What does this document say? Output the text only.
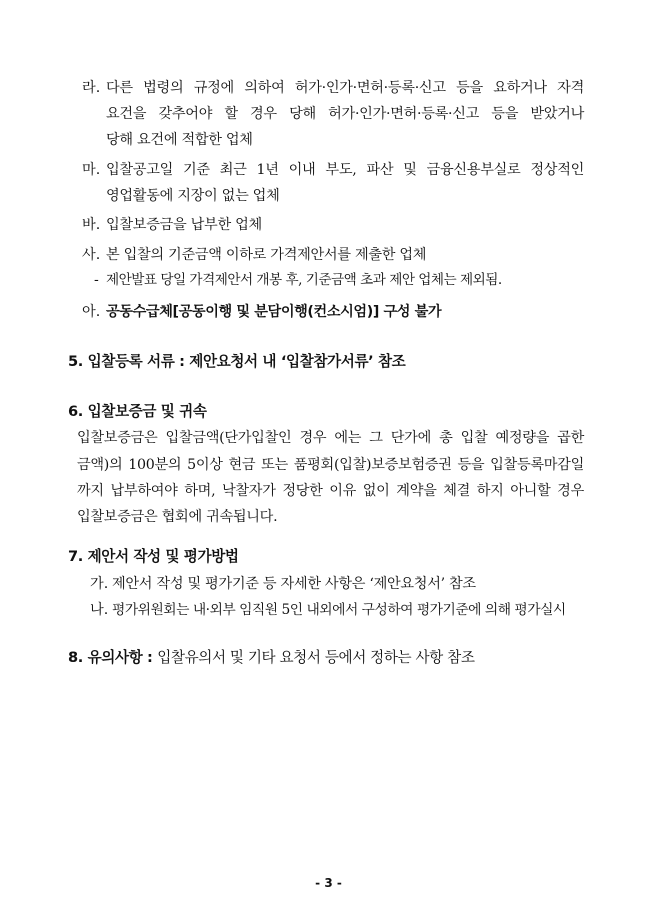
라. 다른 법령의 규정에 의하여 허가·인가·면허·등록·신고 등을 요하거나 자격
요건을 갖추어야 할 경우 당해 허가·인가·면허·등록·신고 등을 받았거나
당해 요건에 적합한 업체
마. 입찰공고일 기준 최근 1년 이내 부도, 파산 및 금융신용부실로 정상적인
영업활동에 지장이 없는 업체
바. 입찰보증금을 납부한 업체
사. 본 입찰의 기준금액 이하로 가격제안서를 제출한 업체
- 제안발표 당일 가격제안서 개봉 후, 기준금액 초과 제안 업체는 제외됨.
아. 공동수급체[공동이행 및 분담이행(컨소시엄)] 구성 불가
5. 입찰등록 서류 : 제안요청서 내 ‘입찰참가서류’ 참조
6. 입찰보증금 및 귀속
입찰보증금은 입찰금액(단가입찰인 경우 에는 그 단가에 총 입찰 예정량을 곱한
금액)의 100분의 5이상 현금 또는 품평회(입찰)보증보험증권 등을 입찰등록마감일
까지 납부하여야 하며, 낙찰자가 정당한 이유 없이 계약을 체결 하지 아니할 경우
입찰보증금은 협회에 귀속됩니다.
7. 제안서 작성 및 평가방법
가. 제안서 작성 및 평가기준 등 자세한 사항은 ‘제안요청서’ 참조
나. 평가위원회는 내·외부 임직원 5인 내외에서 구성하여 평가기준에 의해 평가실시
8. 유의사항 : 입찰유의서 및 기타 요청서 등에서 정하는 사항 참조
- 3 -
